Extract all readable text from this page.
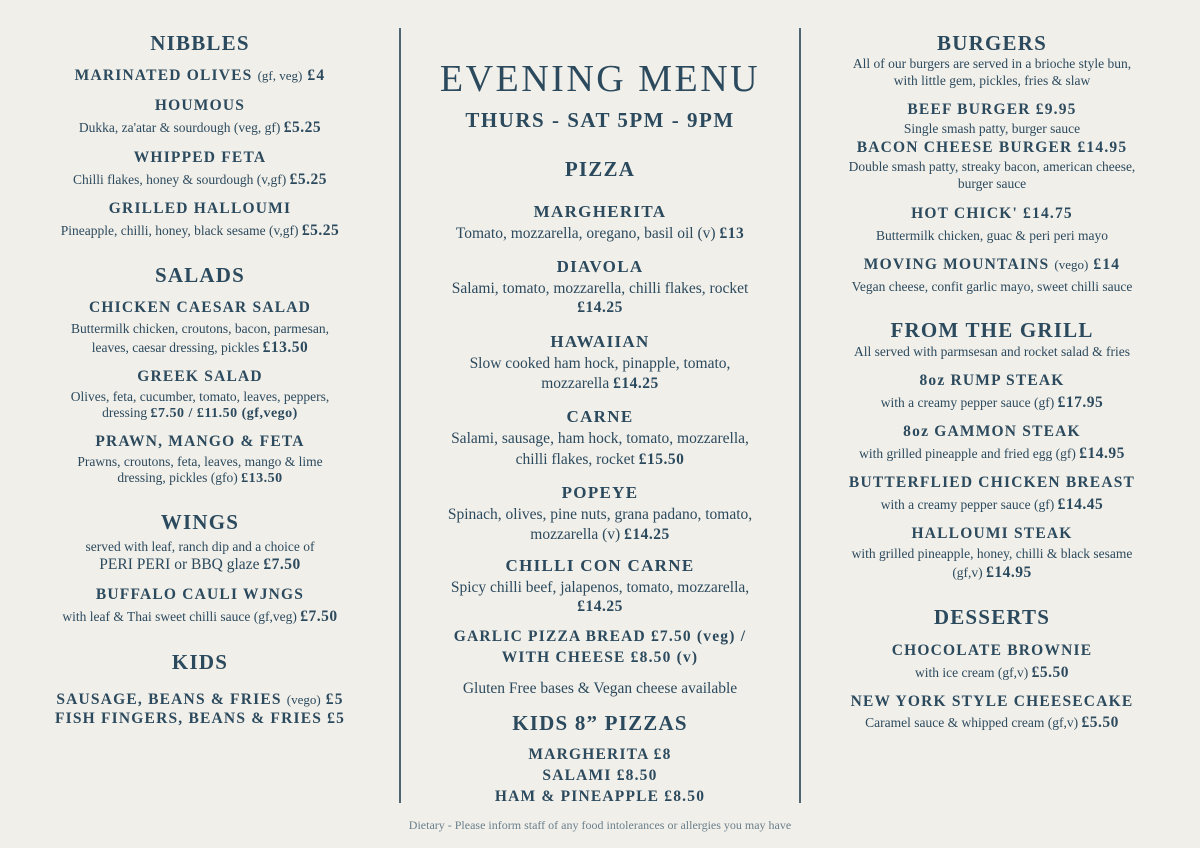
NIBBLES
MARINATED OLIVES (gf, veg) £4
HOUMOUS
Dukka, za'atar & sourdough (veg, gf) £5.25
WHIPPED FETA
Chilli flakes, honey & sourdough (v,gf) £5.25
GRILLED HALLOUMI
Pineapple, chilli, honey, black sesame (v,gf) £5.25
SALADS
CHICKEN CAESAR SALAD
Buttermilk chicken, croutons, bacon, parmesan,
leaves, caesar dressing, pickles £13.50
GREEK SALAD
Olives, feta, cucumber, tomato, leaves, peppers,
dressing £7.50 / £11.50 (gf,vego)
PRAWN, MANGO & FETA
Prawns, croutons, feta, leaves, mango & lime
dressing, pickles (gfo) £13.50
WINGS
served with leaf, ranch dip and a choice of
PERI PERI or BBQ glaze £7.50
BUFFALO CAULI WJNGS
with leaf & Thai sweet chilli sauce (gf,veg) £7.50
KIDS
SAUSAGE, BEANS & FRIES (vego) £5
FISH FINGERS, BEANS & FRIES £5
EVENING MENU
THURS - SAT 5PM - 9PM
PIZZA
MARGHERITA
Tomato, mozzarella, oregano, basil oil (v) £13
DIAVOLA
Salami, tomato, mozzarella, chilli flakes, rocket
£14.25
HAWAIIAN
Slow cooked ham hock, pinapple, tomato,
mozzarella £14.25
CARNE
Salami, sausage, ham hock, tomato, mozzarella,
chilli flakes, rocket £15.50
POPEYE
Spinach, olives, pine nuts, grana padano, tomato,
mozzarella (v) £14.25
CHILLI CON CARNE
Spicy chilli beef, jalapenos, tomato, mozzarella,
£14.25
GARLIC PIZZA BREAD £7.50 (veg) /
WITH CHEESE £8.50 (v)
Gluten Free bases & Vegan cheese available
KIDS 8” PIZZAS
MARGHERITA £8
SALAMI £8.50
HAM & PINEAPPLE £8.50
BURGERS
All of our burgers are served in a brioche style bun,
with little gem, pickles, fries & slaw
BEEF BURGER £9.95
Single smash patty, burger sauce
BACON CHEESE BURGER £14.95
Double smash patty, streaky bacon, american cheese,
burger sauce
HOT CHICK' £14.75
Buttermilk chicken, guac & peri peri mayo
MOVING MOUNTAINS (vego) £14
Vegan cheese, confit garlic mayo, sweet chilli sauce
FROM THE GRILL
All served with parmsesan and rocket salad & fries
8oz RUMP STEAK
with a creamy pepper sauce (gf) £17.95
8oz GAMMON STEAK
with grilled pineapple and fried egg (gf) £14.95
BUTTERFLIED CHICKEN BREAST
with a creamy pepper sauce (gf) £14.45
HALLOUMI STEAK
with grilled pineapple, honey, chilli & black sesame
(gf,v) £14.95
DESSERTS
CHOCOLATE BROWNIE
with ice cream (gf,v) £5.50
NEW YORK STYLE CHEESECAKE
Caramel sauce & whipped cream (gf,v) £5.50
Dietary - Please inform staff of any food intolerances or allergies you may have
